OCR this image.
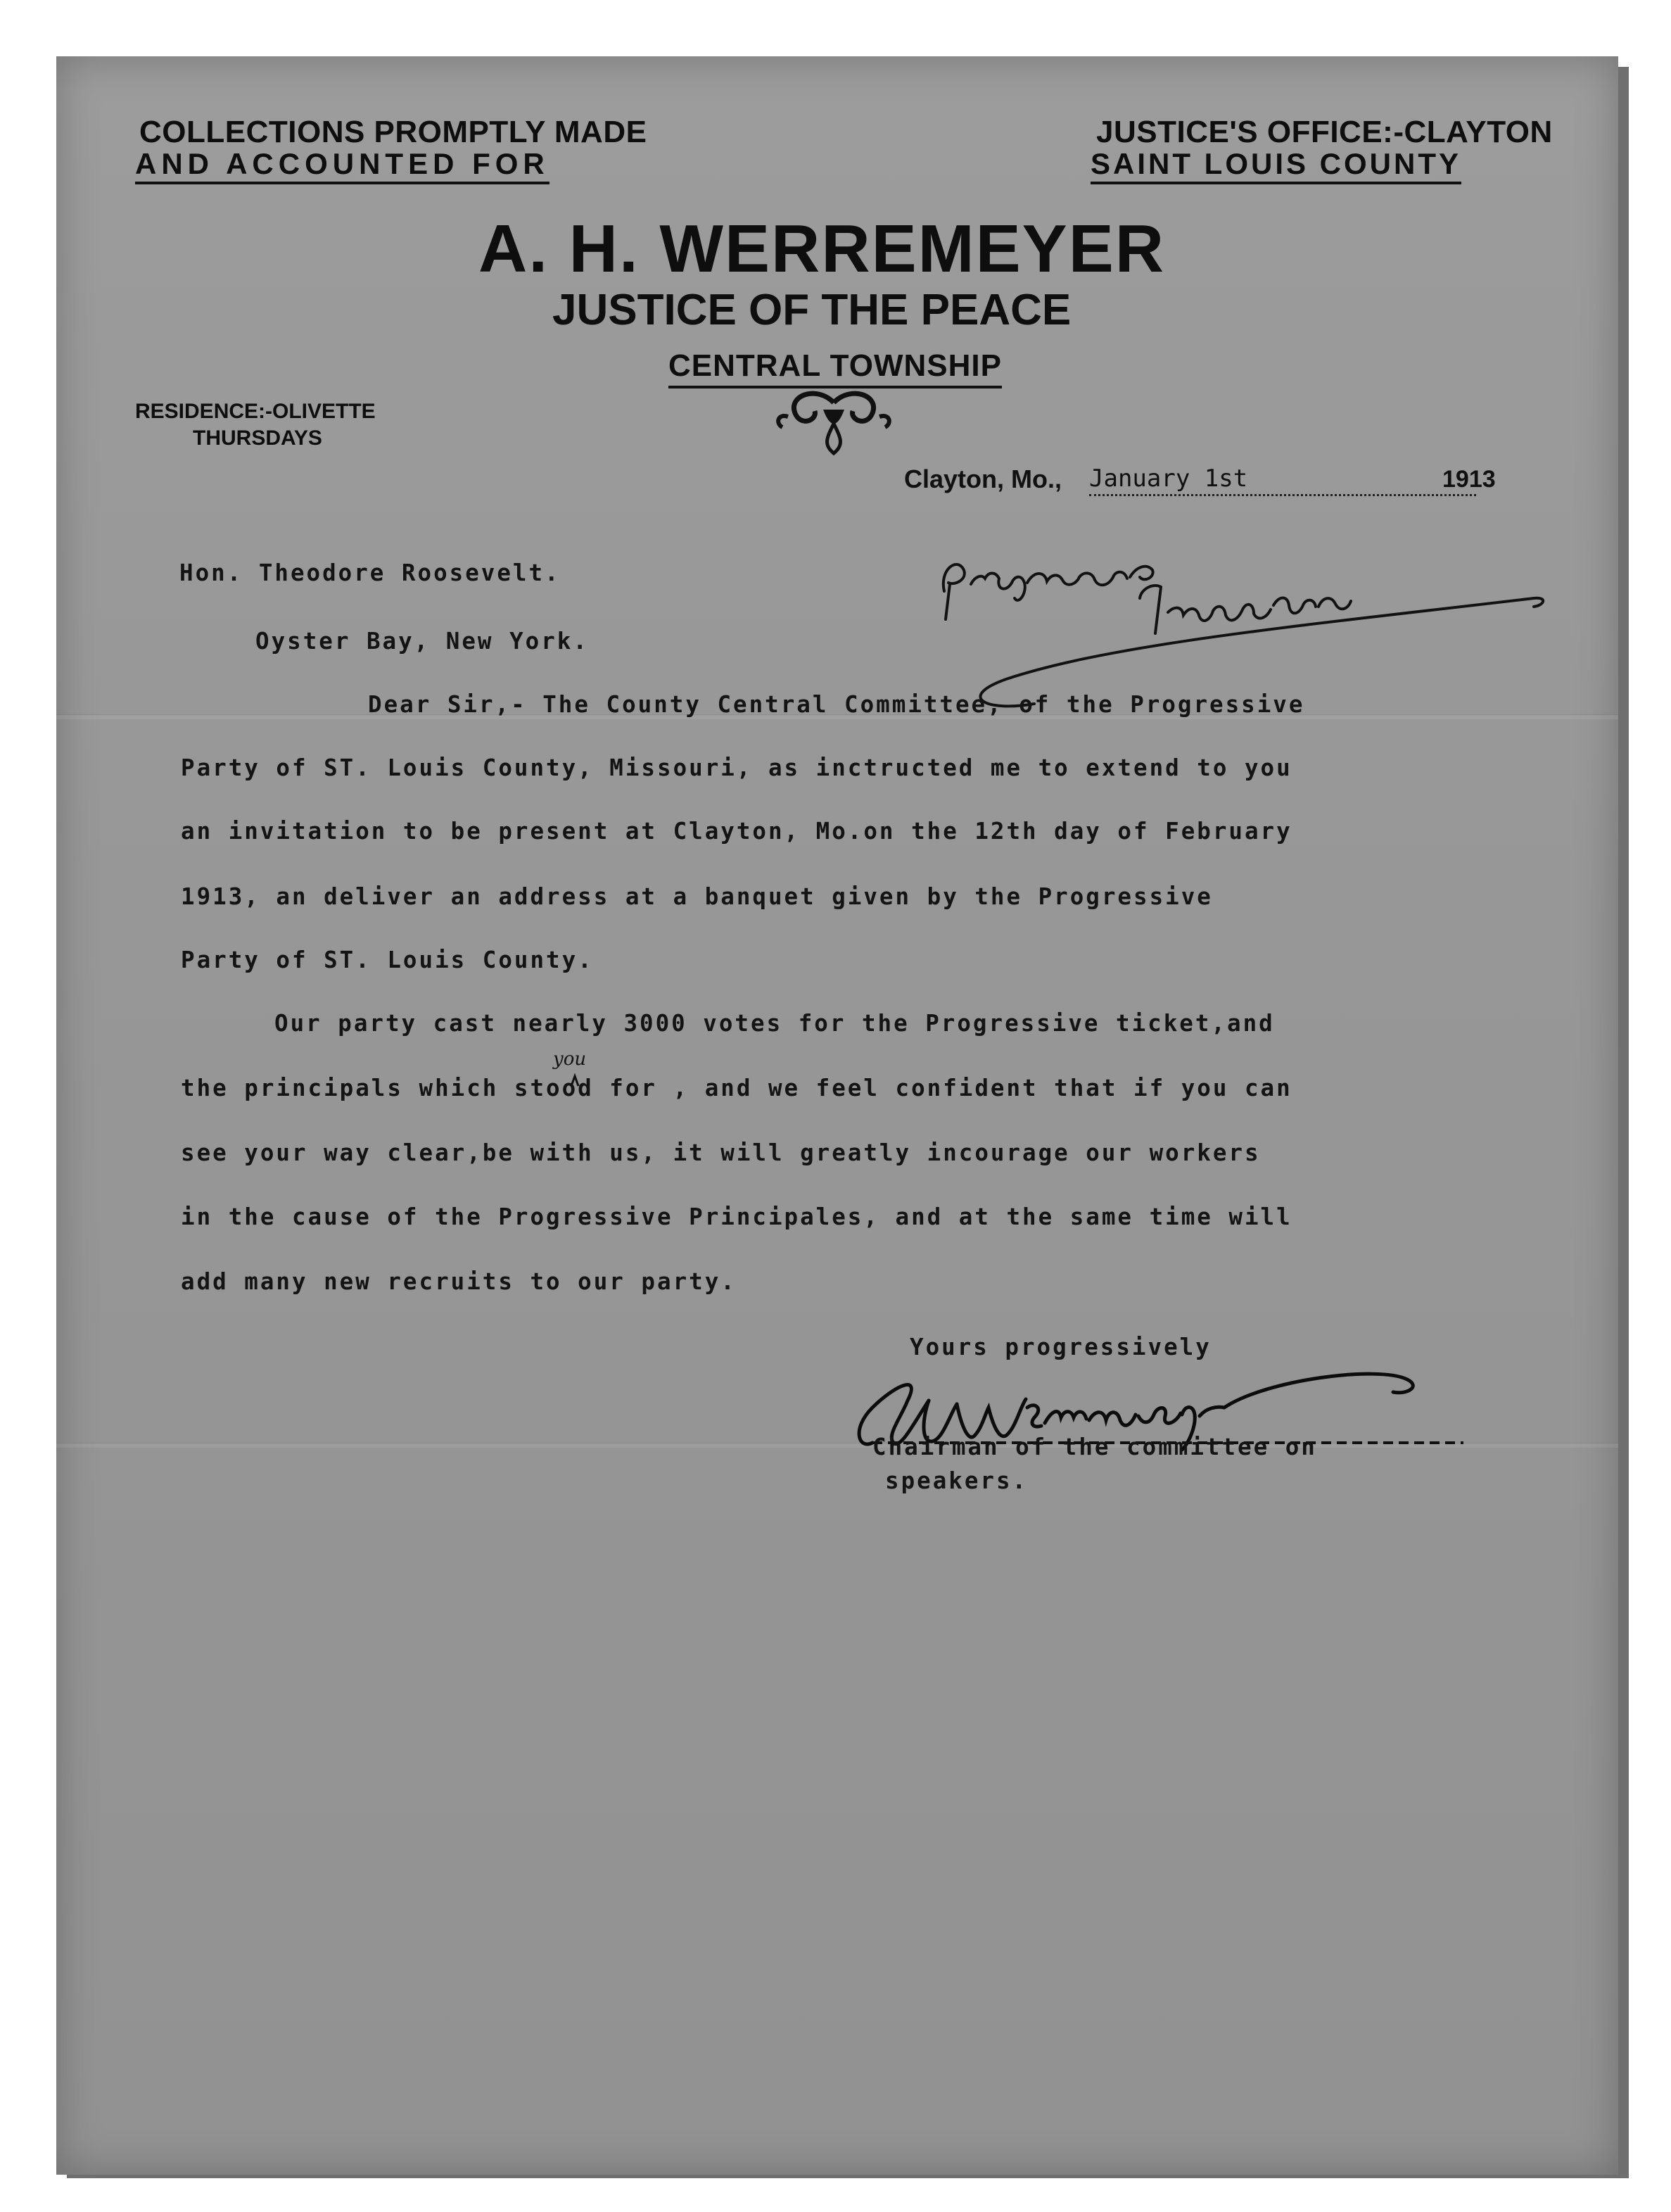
COLLECTIONS PROMPTLY MADE

AND ACCOUNTED FOR

JUSTICE'S OFFICE:-CLAYTON

SAINT LOUIS COUNTY

A. H. WERREMEYER

JUSTICE OF THE PEACE

CENTRAL TOWNSHIP

RESIDENCE:-OLIVETTE

THURSDAYS

Clayton, Mo., January 1st	1913

Hon. Theodore Roosevelt.

Oyster Bay, New York.

Dear Sir,- The County Central Committee, of the Progressive

Party of ST. Louis County, Missouri, as inctructed me to extend to you

an invitation to be present at Clayton, Mo.on the 12th day of February

1913, an deliver an address at a banquet given by the Progressive

Party of ST. Louis County.

Our party cast nearly 3000 votes for the Progressive ticket,and

you

the principals which stood for , and we feel confident that if you can

see your way clear,be with us, it will greatly incourage our workers

in the cause of the Progressive Principales, and at the same time will

add many new recruits to our party.

Yours progressively

Chairman of the committee on

speakers.
